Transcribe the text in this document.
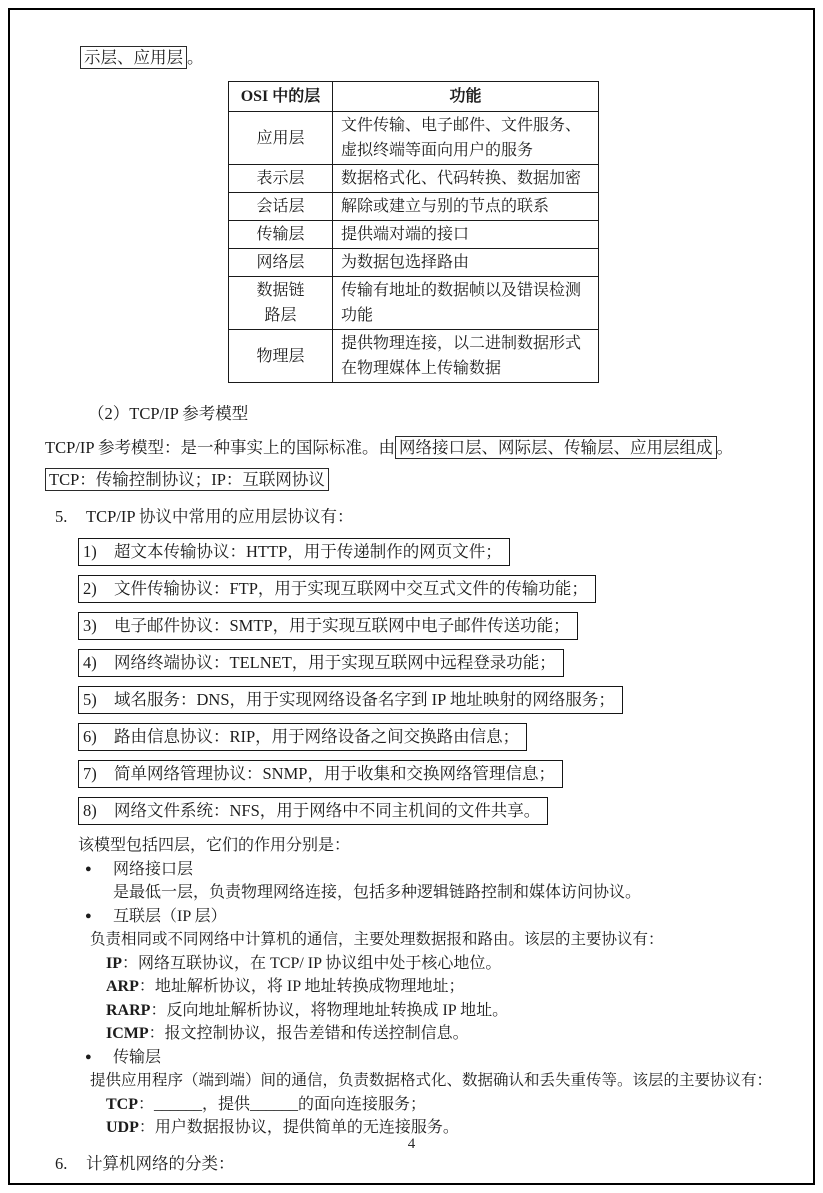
示层、应用层 。

OSI 中的层	功能
应用层	文件传输、电子邮件、文件服务、虚拟终端等面向用户的服务
表示层	数据格式化、代码转换、数据加密
会话层	解除或建立与别的节点的联系
传输层	提供端对端的接口
网络层	为数据包选择路由
数据链路层	传输有地址的数据帧以及错误检测功能
物理层	提供物理连接，以二进制数据形式在物理媒体上传输数据

（2）TCP/IP 参考模型

TCP/IP 参考模型：是一种事实上的国际标准。由 网络接口层、网际层、传输层、应用层组成 。TCP：传输控制协议；IP：互联网协议

5. TCP/IP 协议中常用的应用层协议有：
1) 超文本传输协议：HTTP，用于传递制作的网页文件；
2) 文件传输协议：FTP，用于实现互联网中交互式文件的传输功能；
3) 电子邮件协议：SMTP，用于实现互联网中电子邮件传送功能；
4) 网络终端协议：TELNET，用于实现互联网中远程登录功能；
5) 域名服务：DNS，用于实现网络设备名字到 IP 地址映射的网络服务；
6) 路由信息协议：RIP，用于网络设备之间交换路由信息；
7) 简单网络管理协议：SNMP，用于收集和交换网络管理信息；
8) 网络文件系统：NFS，用于网络中不同主机间的文件共享。

该模型包括四层，它们的作用分别是：

●网络接口层
是最低一层，负责物理网络连接，包括多种逻辑链路控制和媒体访问协议。
●互联层（IP 层）
负责相同或不同网络中计算机的通信，主要处理数据报和路由。该层的主要协议有：
IP：网络互联协议，在 TCP/ IP 协议组中处于核心地位。
ARP：地址解析协议，将 IP 地址转换成物理地址；
RARP：反向地址解析协议，将物理地址转换成 IP 地址。
ICMP：报文控制协议，报告差错和传送控制信息。
●传输层
提供应用程序（端到端）间的通信，负责数据格式化、数据确认和丢失重传等。该层的主要协议有：
TCP：______，提供______的面向连接服务；
UDP：用户数据报协议，提供简单的无连接服务。
6. 计算机网络的分类：
4
